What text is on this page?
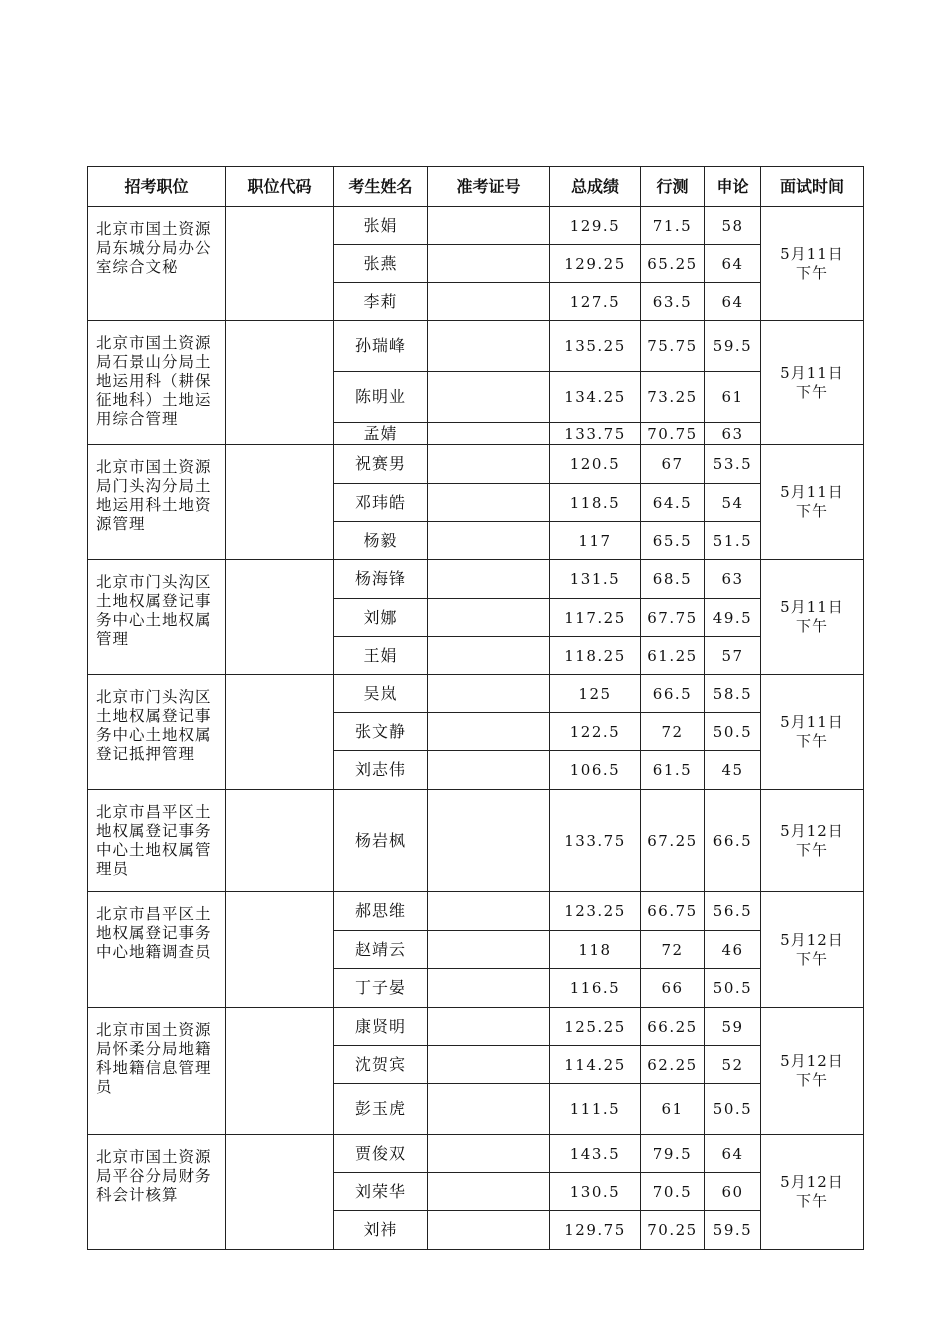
招考职位	职位代码	考生姓名	准考证号	总成绩	行测	申论	面试时间
北京市国土资源局东城分局办公室综合文秘		张娟		129.5	71.5	58	5月11日
下午

		张燕		129.25	65.25	64	
		李莉		127.5	63.5	64	
北京市国土资源局石景山分局土地运用科（耕保征地科）土地运用综合管理		孙瑞峰		135.25	75.75	59.5	5月11日
下午

		陈明业		134.25	73.25	61	
		孟婧		133.75	70.75	63	
北京市国土资源局门头沟分局土地运用科土地资源管理		祝赛男		120.5	67	53.5	5月11日
下午

		邓玮皓		118.5	64.5	54	
		杨毅		117	65.5	51.5	
北京市门头沟区土地权属登记事务中心土地权属管理		杨海锋		131.5	68.5	63	5月11日
下午

		刘娜		117.25	67.75	49.5	
		王娟		118.25	61.25	57	
北京市门头沟区土地权属登记事务中心土地权属登记抵押管理		吴岚		125	66.5	58.5	5月11日
下午

		张文静		122.5	72	50.5	
		刘志伟		106.5	61.5	45	
北京市昌平区土地权属登记事务中心土地权属管理员		杨岩枫		133.75	67.25	66.5	5月12日
下午

北京市昌平区土地权属登记事务中心地籍调查员		郝思维		123.25	66.75	56.5	5月12日
下午

		赵靖云		118	72	46	
		丁子晏		116.5	66	50.5	
北京市国土资源局怀柔分局地籍科地籍信息管理员		康贤明		125.25	66.25	59	5月12日
下午

		沈贺宾		114.25	62.25	52	
		彭玉虎		111.5	61	50.5	
北京市国土资源局平谷分局财务科会计核算		贾俊双		143.5	79.5	64	5月12日
下午

		刘荣华		130.5	70.5	60	
		刘祎		129.75	70.25	59.5	
